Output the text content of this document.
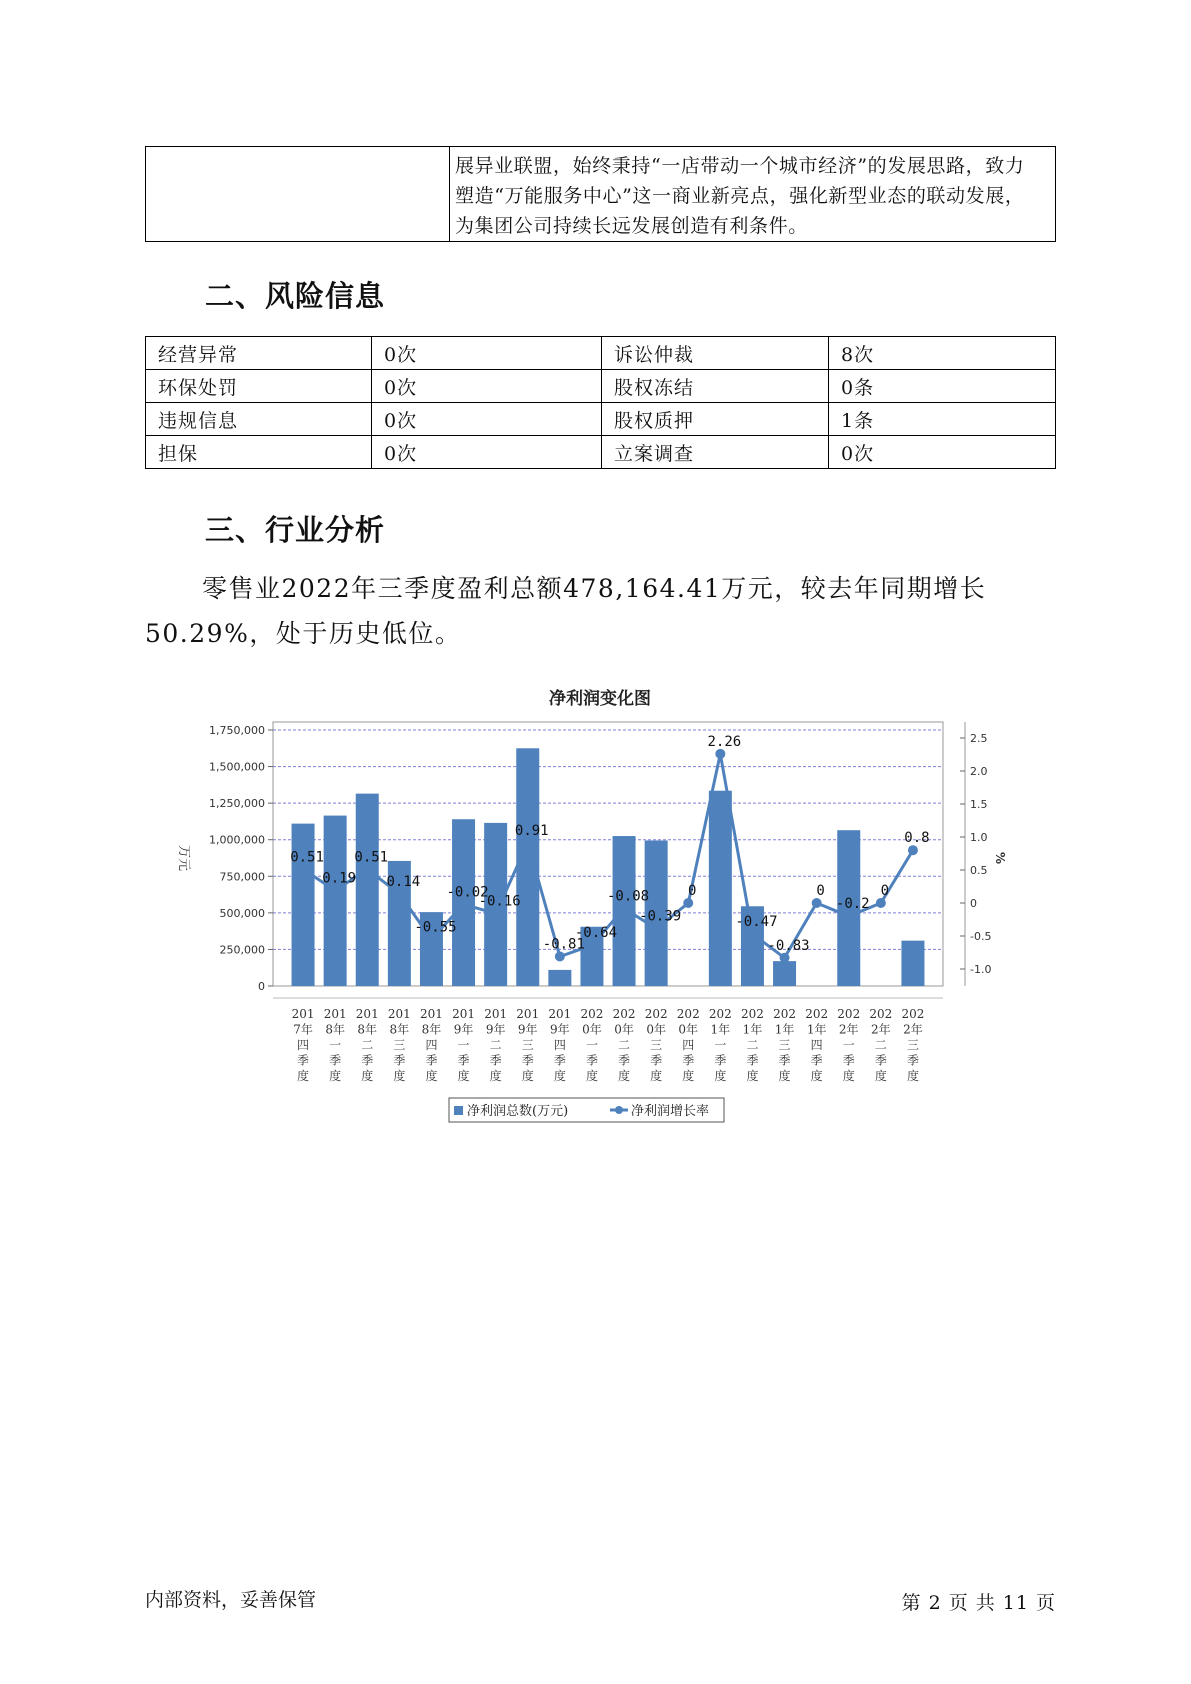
展异业联盟，始终秉持“一店带动一个城市经济”的发展思路，致力
塑造“万能服务中心”这一商业新亮点，强化新型业态的联动发展，
为集团公司持续长远发展创造有利条件。
二、风险信息
经营异常	0次	诉讼仲裁	8次
环保处罚	0次	股权冻结	0条
违规信息	0次	股权质押	1条
担保	0次	立案调查	0次
三、行业分析
零售业2022年三季度盈利总额478,164.41万元，较去年同期增长
50.29%，处于历史低位。
净利润变化图
0
250,000
500,000
750,000
1,000,000
1,250,000
1,500,000
1,750,000
万元
-1.0
-0.5
0
0.5
1.0
1.5
2.0
2.5
%
0.51
0.19
0.51
0.14
-0.55
-0.02
-0.16
0.91
-0.81
-0.64
-0.08
-0.39
0
2.26
-0.47
-0.83
0
-0.2
0
0.8
201
7年
四
季
度
201
8年
一
季
度
201
8年
二
季
度
201
8年
三
季
度
201
8年
四
季
度
201
9年
一
季
度
201
9年
二
季
度
201
9年
三
季
度
201
9年
四
季
度
202
0年
一
季
度
202
0年
二
季
度
202
0年
三
季
度
202
0年
四
季
度
202
1年
一
季
度
202
1年
二
季
度
202
1年
三
季
度
202
1年
四
季
度
202
2年
一
季
度
202
2年
二
季
度
202
2年
三
季
度
净利润总数(万元)	净利润增长率
内部资料，妥善保管	第 2 页 共 11 页
